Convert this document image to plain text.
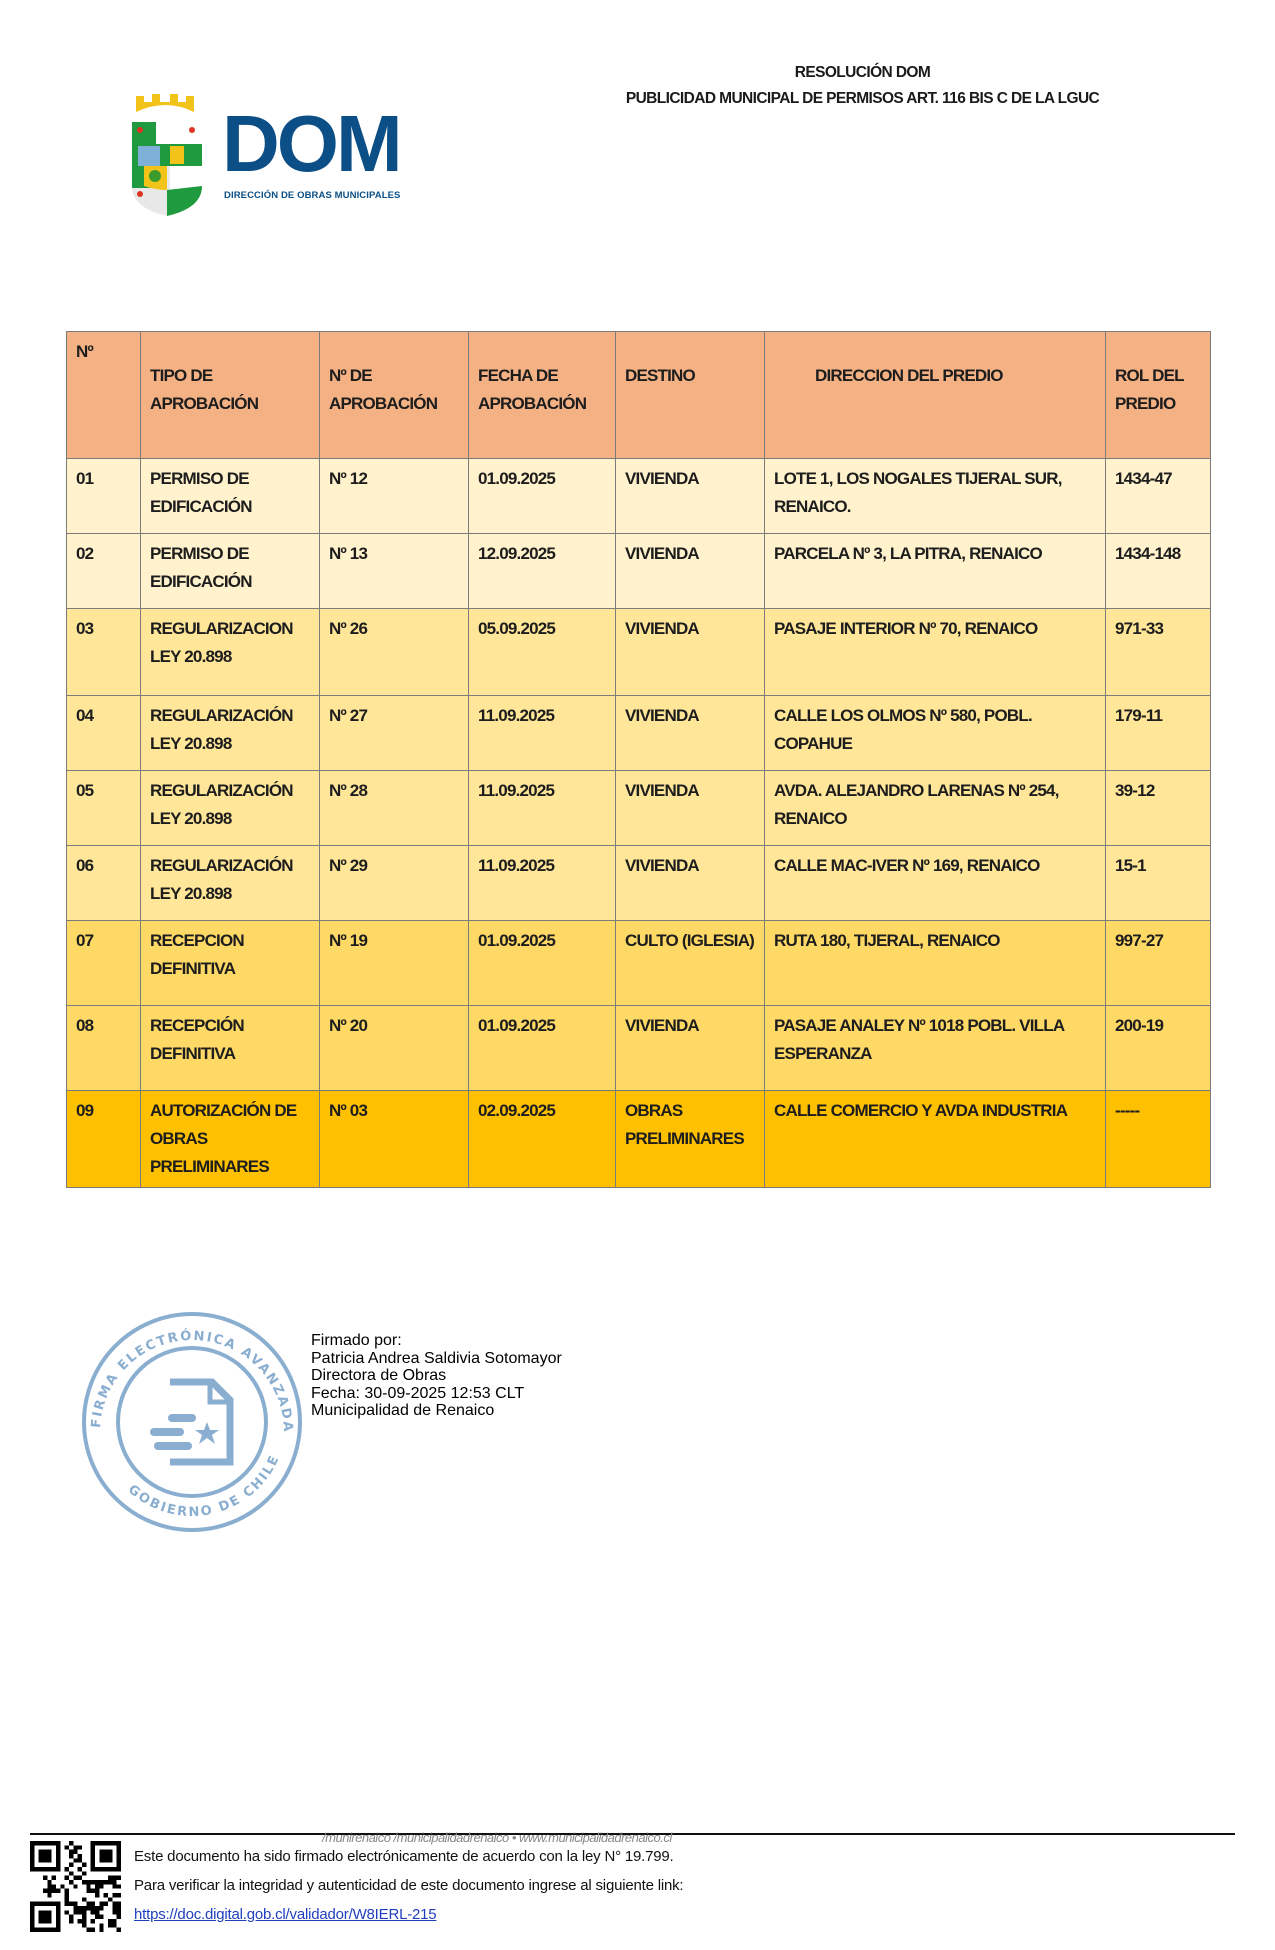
RESOLUCIÓN DOM
PUBLICIDAD MUNICIPAL DE PERMISOS ART. 116 BIS C DE LA LGUC
DOM
DIRECCIÓN DE OBRAS MUNICIPALES
Nº	TIPO DE APROBACIÓN	Nº DE APROBACIÓN	FECHA DE APROBACIÓN	DESTINO	DIRECCION DEL PREDIO	ROL DEL PREDIO
01	PERMISO DE EDIFICACIÓN	Nº 12	01.09.2025	VIVIENDA	LOTE 1, LOS NOGALES TIJERAL SUR, RENAICO.	1434-47
02	PERMISO DE EDIFICACIÓN	Nº 13	12.09.2025	VIVIENDA	PARCELA Nº 3, LA PITRA, RENAICO	1434-148
03	REGULARIZACION LEY 20.898	Nº 26	05.09.2025	VIVIENDA	PASAJE INTERIOR Nº 70, RENAICO	971-33
04	REGULARIZACIÓN LEY 20.898	Nº 27	11.09.2025	VIVIENDA	CALLE LOS OLMOS Nº 580, POBL. COPAHUE	179-11
05	REGULARIZACIÓN LEY 20.898	Nº 28	11.09.2025	VIVIENDA	AVDA. ALEJANDRO LARENAS Nº 254, RENAICO	39-12
06	REGULARIZACIÓN LEY 20.898	Nº 29	11.09.2025	VIVIENDA	CALLE MAC-IVER Nº 169, RENAICO	15-1
07	RECEPCION DEFINITIVA	Nº 19	01.09.2025	CULTO (IGLESIA)	RUTA 180, TIJERAL, RENAICO	997-27
08	RECEPCIÓN DEFINITIVA	Nº 20	01.09.2025	VIVIENDA	PASAJE ANALEY Nº 1018 POBL. VILLA ESPERANZA	200-19
09	AUTORIZACIÓN DE OBRAS PRELIMINARES	Nº 03	02.09.2025	OBRAS PRELIMINARES	CALLE COMERCIO Y AVDA INDUSTRIA	-----
FIRMA ELECTRÓNICA AVANZADA
GOBIERNO DE CHILE
Firmado por:
Patricia Andrea Saldivia Sotomayor
Directora de Obras
Fecha: 30-09-2025 12:53 CLT
Municipalidad de Renaico
/munirenaico /municipalidadrenaico • www.municipalidadrenaico.cl
Este documento ha sido firmado electrónicamente de acuerdo con la ley N° 19.799.
Para verificar la integridad y autenticidad de este documento ingrese al siguiente link:
https://doc.digital.gob.cl/validador/W8IERL-215
